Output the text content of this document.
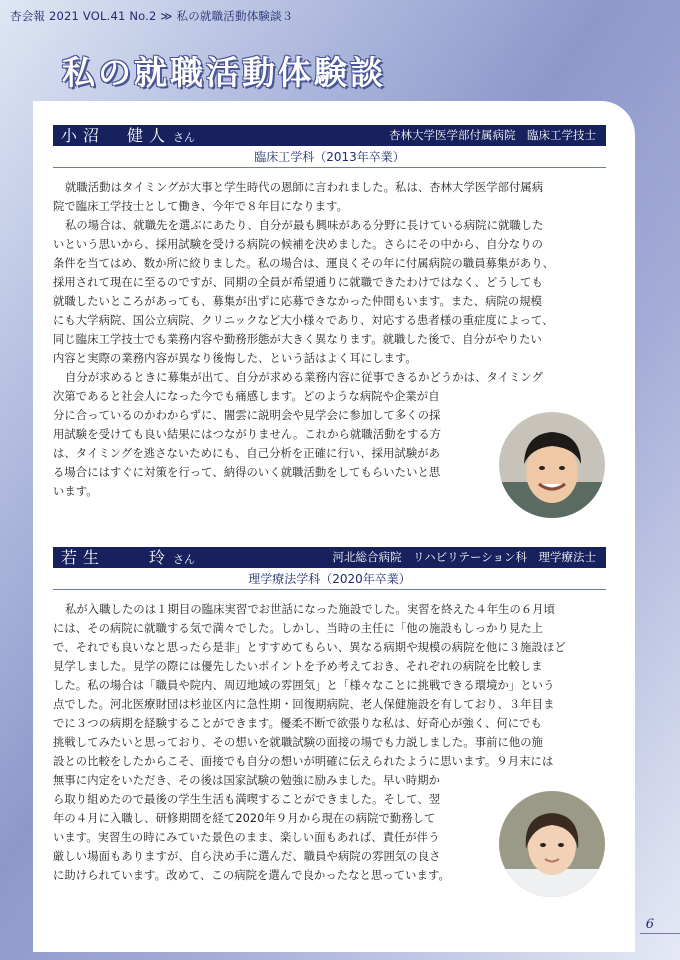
杏会報 2021 VOL.41 No.2 ≫ 私の就職活動体験談３
私の就職活動体験談
小沼　健人 さん	杏林大学医学部付属病院　臨床工学技士
臨床工学科（2013年卒業）

就職活動はタイミングが大事と学生時代の恩師に言われました。私は、杏林大学医学部付属病
院で臨床工学技士として働き、今年で８年目になります。

私の場合は、就職先を選ぶにあたり、自分が最も興味がある分野に長けている病院に就職した
いという思いから、採用試験を受ける病院の候補を決めました。さらにその中から、自分なりの
条件を当てはめ、数か所に絞りました。私の場合は、運良くその年に付属病院の職員募集があり、
採用されて現在に至るのですが、同期の全員が希望通りに就職できたわけではなく、どうしても
就職したいところがあっても、募集が出ずに応募できなかった仲間もいます。また、病院の規模
にも大学病院、国公立病院、クリニックなど大小様々であり、対応する患者様の重症度によって、
同じ臨床工学技士でも業務内容や勤務形態が大きく異なります。就職した後で、自分がやりたい
内容と実際の業務内容が異なり後悔した、という話はよく耳にします。

自分が求めるときに募集が出て、自分が求める業務内容に従事できるかどうかは、タイミング
次第であると社会人になった今でも痛感します。どのような病院や企業が自
分に合っているのかわからずに、闇雲に説明会や見学会に参加して多くの採
用試験を受けても良い結果にはつながりません。これから就職活動をする方
は、タイミングを逃さないためにも、自己分析を正確に行い、採用試験があ
る場合にはすぐに対策を行って、納得のいく就職活動をしてもらいたいと思
います。

若生　　玲 さん	河北総合病院　リハビリテーション科　理学療法士
理学療法学科（2020年卒業）

私が入職したのは１期目の臨床実習でお世話になった施設でした。実習を終えた４年生の６月頃
には、その病院に就職する気で満々でした。しかし、当時の主任に「他の施設もしっかり見た上
で、それでも良いなと思ったら是非」とすすめてもらい、異なる病期や規模の病院を他に３施設ほど
見学しました。見学の際には優先したいポイントを予め考えておき、それぞれの病院を比較しま
した。私の場合は「職員や院内、周辺地域の雰囲気」と「様々なことに挑戦できる環境か」という
点でした。河北医療財団は杉並区内に急性期・回復期病院、老人保健施設を有しており、３年目ま
でに３つの病期を経験することができます。優柔不断で欲張りな私は、好奇心が強く、何にでも
挑戦してみたいと思っており、その想いを就職試験の面接の場でも力説しました。事前に他の施
設との比較をしたからこそ、面接でも自分の想いが明確に伝えられたように思います。９月末には
無事に内定をいただき、その後は国家試験の勉強に励みました。早い時期か
ら取り組めたので最後の学生生活も満喫することができました。そして、翌
年の４月に入職し、研修期間を経て2020年９月から現在の病院で勤務して
います。実習生の時にみていた景色のまま、楽しい面もあれば、責任が伴う
厳しい場面もありますが、自ら決め手に選んだ、職員や病院の雰囲気の良さ
に助けられています。改めて、この病院を選んで良かったなと思っています。

6
